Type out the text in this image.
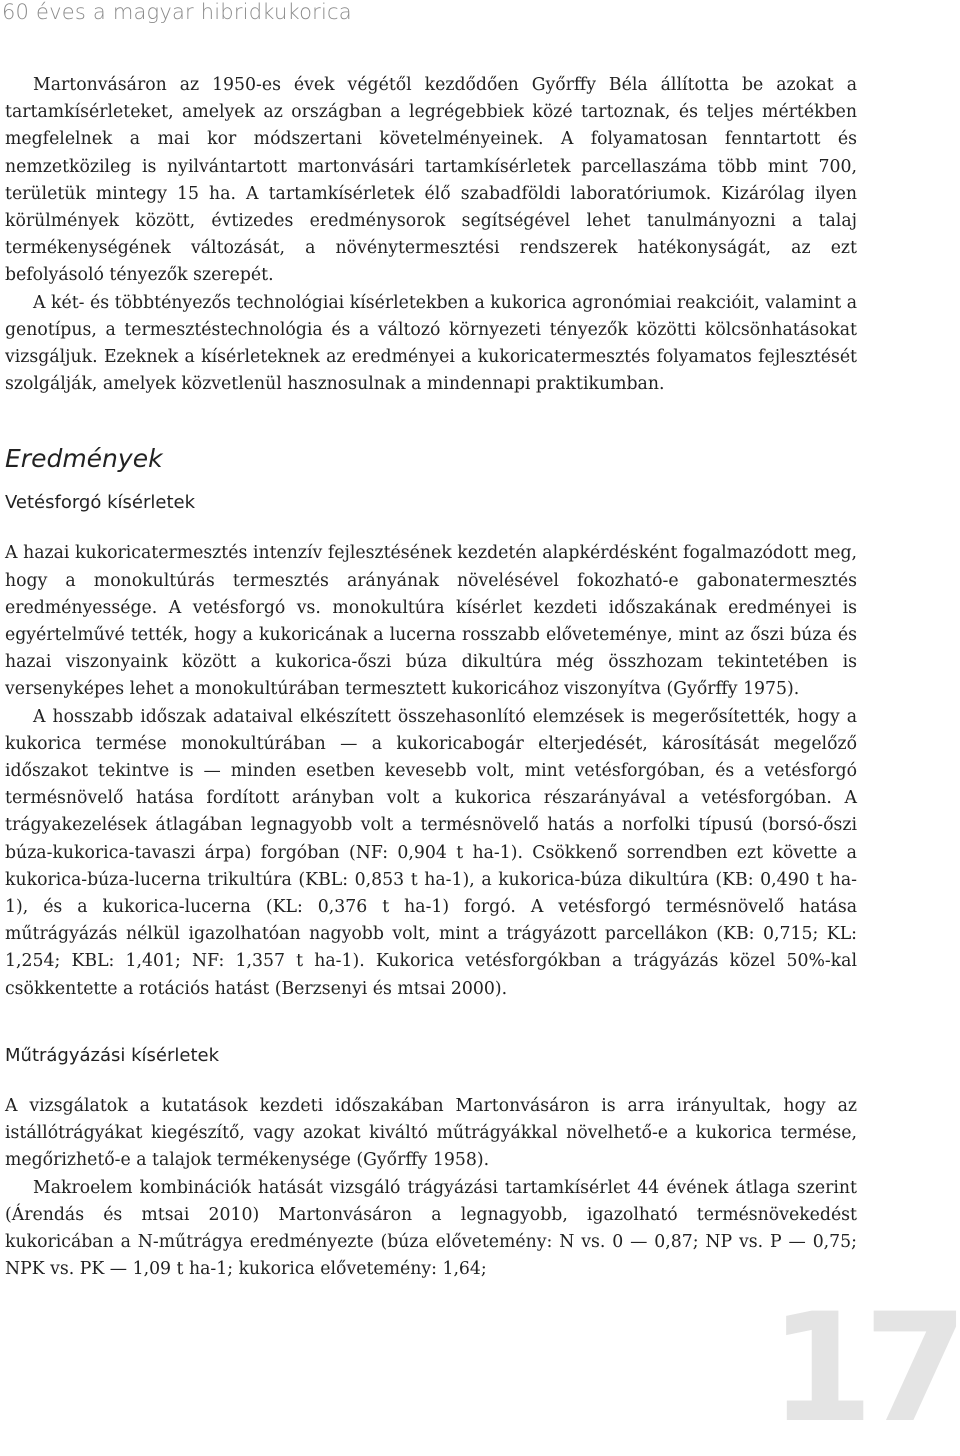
60 éves a magyar hibridkukorica
17

Martonvásáron az 1950-es évek végétől kezdődően Győrffy Béla állította be azokat a tartamkísérleteket, amelyek az országban a legrégebbiek közé tartoznak, és teljes mértékben megfelelnek a mai kor módszertani követelményeinek. A folyamatosan fenntartott és nemzetközileg is nyilvántartott martonvásári tartamkísérletek parcellaszáma több mint 700, területük mintegy 15 ha. A tartamkísérletek élő szabadföldi laboratóriumok. Kizárólag ilyen körülmények között, évtizedes eredménysorok segítségével lehet tanulmányozni a talaj termékenységének változását, a növénytermesztési rendszerek hatékonyságát, az ezt befolyásoló tényezők szerepét.

A két- és többtényezős technológiai kísérletekben a kukorica agronómiai reakcióit, valamint a genotípus, a termesztéstechnológia és a változó környezeti tényezők közötti kölcsönhatásokat vizsgáljuk. Ezeknek a kísérleteknek az eredményei a kukoricatermesztés folyamatos fejlesztését szolgálják, amelyek közvetlenül hasznosulnak a mindennapi praktikumban.

Eredmények
Vetésforgó kísérletek

A hazai kukoricatermesztés intenzív fejlesztésének kezdetén alapkérdésként fogalmazódott meg, hogy a monokultúrás termesztés arányának növelésével fokozható-e gabonatermesztés eredményessége. A vetésforgó vs. monokultúra kísérlet kezdeti időszakának eredményei is egyértelművé tették, hogy a kukoricának a lucerna rosszabb előveteménye, mint az őszi búza és hazai viszonyaink között a kukorica-őszi búza dikultúra még összhozam tekintetében is versenyképes lehet a monokultúrában termesztett kukoricához viszonyítva (Győrffy 1975).

A hosszabb időszak adataival elkészített összehasonlító elemzések is megerősítették, hogy a kukorica termése monokultúrában — a kukoricabogár elterjedését, károsítását megelőző időszakot tekintve is — minden esetben kevesebb volt, mint vetésforgóban, és a vetésforgó termésnövelő hatása fordított arányban volt a kukorica részarányával a vetésforgóban. A trágyakezelések átlagában legnagyobb volt a termésnövelő hatás a norfolki típusú (borsó-őszi búza-kukorica-tavaszi árpa) forgóban (NF: 0,904 t ha-1). Csökkenő sorrendben ezt követte a kukorica-búza-lucerna trikultúra (KBL: 0,853 t ha-1), a kukorica-búza dikultúra (KB: 0,490 t ha-1), és a kukorica-lucerna (KL: 0,376 t ha-1) forgó. A vetésforgó termésnövelő hatása műtrágyázás nélkül igazolhatóan nagyobb volt, mint a trágyázott parcellákon (KB: 0,715; KL: 1,254; KBL: 1,401; NF: 1,357 t ha-1). Kukorica vetésforgókban a trágyázás közel 50%-kal csökkentette a rotációs hatást (Berzsenyi és mtsai 2000).

Műtrágyázási kísérletek

A vizsgálatok a kutatások kezdeti időszakában Martonvásáron is arra irányultak, hogy az istállótrágyákat kiegészítő, vagy azokat kiváltó műtrágyákkal növelhető-e a kukorica termése, megőrizhető-e a talajok termékenysége (Győrffy 1958).

Makroelem kombinációk hatását vizsgáló trágyázási tartamkísérlet 44 évének átlaga szerint (Árendás és mtsai 2010) Martonvásáron a legnagyobb, igazolható termésnövekedést kukoricában a N-műtrágya eredményezte (búza elővetemény: N vs. 0 — 0,87; NP vs. P — 0,75; NPK vs. PK — 1,09 t ha-1; kukorica elővetemény: 1,64;
